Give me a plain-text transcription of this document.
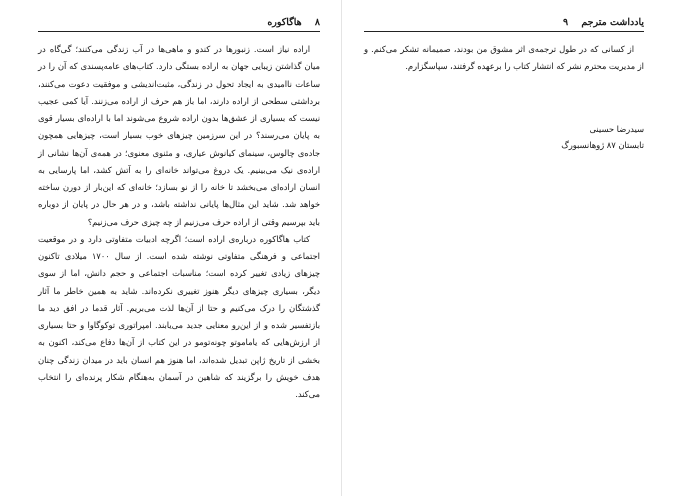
۸    هاگاکوره

اراده نیاز است. زنبورها در کندو و ماهی‌ها در آب زندگی می‌کنند؛ گی‌گاه در میان گذاشتن زیبایی جهان به اراده بستگی دارد. کتاب‌های عامه‌پسندی که آن را در ساعات ناامیدی به ایجاد تحول در زندگی، مثبت‌اندیشی و موفقیت دعوت می‌کنند، برداشتی سطحی از اراده دارند، اما باز هم حرف از اراده می‌زنند. آیا کمی عجیب نیست که بسیاری از عشق‌ها بدون اراده شروع می‌شوند اما با اراده‌ای بسیار قوی به پایان می‌رسند؟ در این سرزمین چیزهای خوب بسیار است، چیزهایی همچون جاده‌ی چالوس، سینمای کیانوش عیاری، و مثنوی معنوی؛ در همه‌ی آن‌ها نشانی از اراده‌ی نیک می‌بینیم. یک دروغ می‌تواند خانه‌ای را به آتش کشد، اما پارسایی به انسان اراده‌ای می‌بخشد تا خانه را از نو بسازد؛ خانه‌ای که این‌بار از دورن ساخته خواهد شد. شاید این مثال‌ها پایانی نداشته باشد، و در هر حال در پایان از دوباره باید بپرسیم وقتی از اراده حرف می‌زنیم از چه چیزی حرف می‌زنیم؟

کتاب هاگاکوره درباره‌ی اراده است؛ اگرچه ادبیات متفاوتی دارد و در موقعیت اجتماعی و فرهنگی متفاوتی نوشته شده است. از سال ۱۷۰۰ میلادی تاکنون چیزهای زیادی تغییر کرده است؛ مناسبات اجتماعی و حجم دانش، اما از سوی دیگر، بسیاری چیزهای دیگر هنوز تغییری نکرده‌اند. شاید به همین خاطر ما آثار گذشتگان را درک می‌کنیم و حتا از آن‌ها لذت می‌بریم. آثار قدما در افق دید ما بازتفسیر شده و از این‌رو معنایی جدید می‌یابند. امپراتوری توکوگاوا و حتا بسیاری از ارزش‌هایی که یاماموتو چونه‌تومو در این کتاب از آن‌ها دفاع می‌کند، اکنون به بخشی از تاریخ ژاپن تبدیل شده‌اند، اما هنوز هم انسان باید در میدان زندگی چنان هدف خویش را برگزیند که شاهین در آسمان به‌هنگام شکار پرنده‌ای را انتخاب می‌کند.

یادداشت مترجم    ۹

از کسانی که در طول ترجمه‌ی اثر مشوق من بودند، صمیمانه تشکر می‌کنم. و از مدیریت محترم نشر که انتشار کتاب را برعهده گرفتند، سپاسگزارم.

سیدرضا حسینی
تابستان ۸۷ ژوهانسبورگ
